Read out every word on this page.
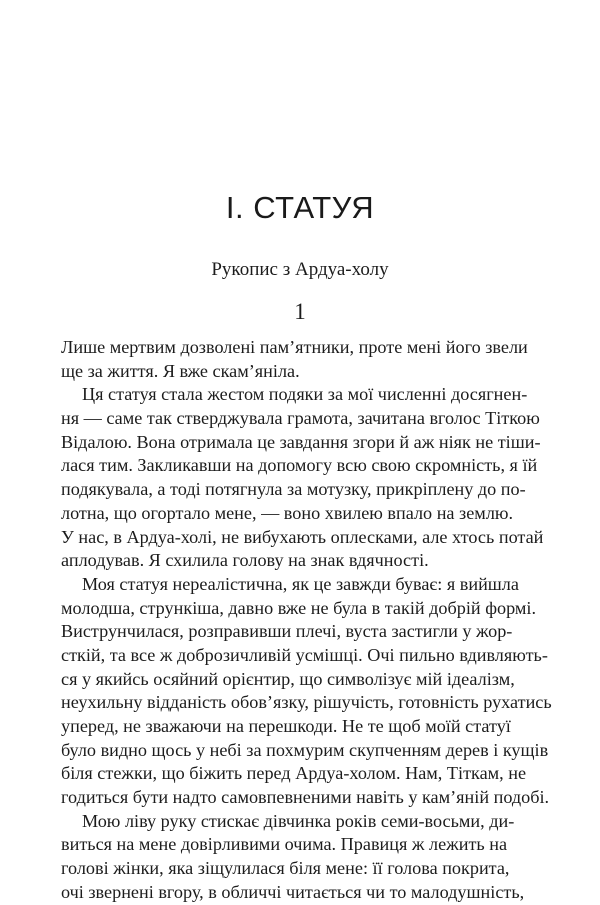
I. СТАТУЯ
Рукопис з Ардуа-холу
1
Лише мертвим дозволені пам’ятники, проте мені його звели
ще за життя. Я вже скам’яніла.
Ця статуя стала жестом подяки за мої численні досягнен-
ня — саме так стверджувала грамота, зачитана вголос Тіткою
Відалою. Вона отримала це завдання згори й аж ніяк не тіши-
лася тим. Закликавши на допомогу всю свою скромність, я їй
подякувала, а тоді потягнула за мотузку, прикріплену до по-
лотна, що огортало мене, — воно хвилею впало на землю.
У нас, в Ардуа-холі, не вибухають оплесками, але хтось потай
аплодував. Я схилила голову на знак вдячності.
Моя статуя нереалістична, як це завжди буває: я вийшла
молодша, стрункіша, давно вже не була в такій добрій формі.
Виструнчилася, розправивши плечі, вуста застигли у жор-
сткій, та все ж доброзичливій усмішці. Очі пильно вдивляють-
ся у якийсь осяйний орієнтир, що символізує мій ідеалізм,
неухильну відданість обов’язку, рішучість, готовність рухатись
уперед, не зважаючи на перешкоди. Не те щоб моїй статуї
було видно щось у небі за похмурим скупченням дерев і кущів
біля стежки, що біжить перед Ардуа-холом. Нам, Тіткам, не
годиться бути надто самовпевненими навіть у кам’яній подобі.
Мою ліву руку стискає дівчинка років семи-восьми, ди-
виться на мене довірливими очима. Правиця ж лежить на
голові жінки, яка зіщулилася біля мене: її голова покрита,
очі звернені вгору, в обличчі читається чи то малодушність,
